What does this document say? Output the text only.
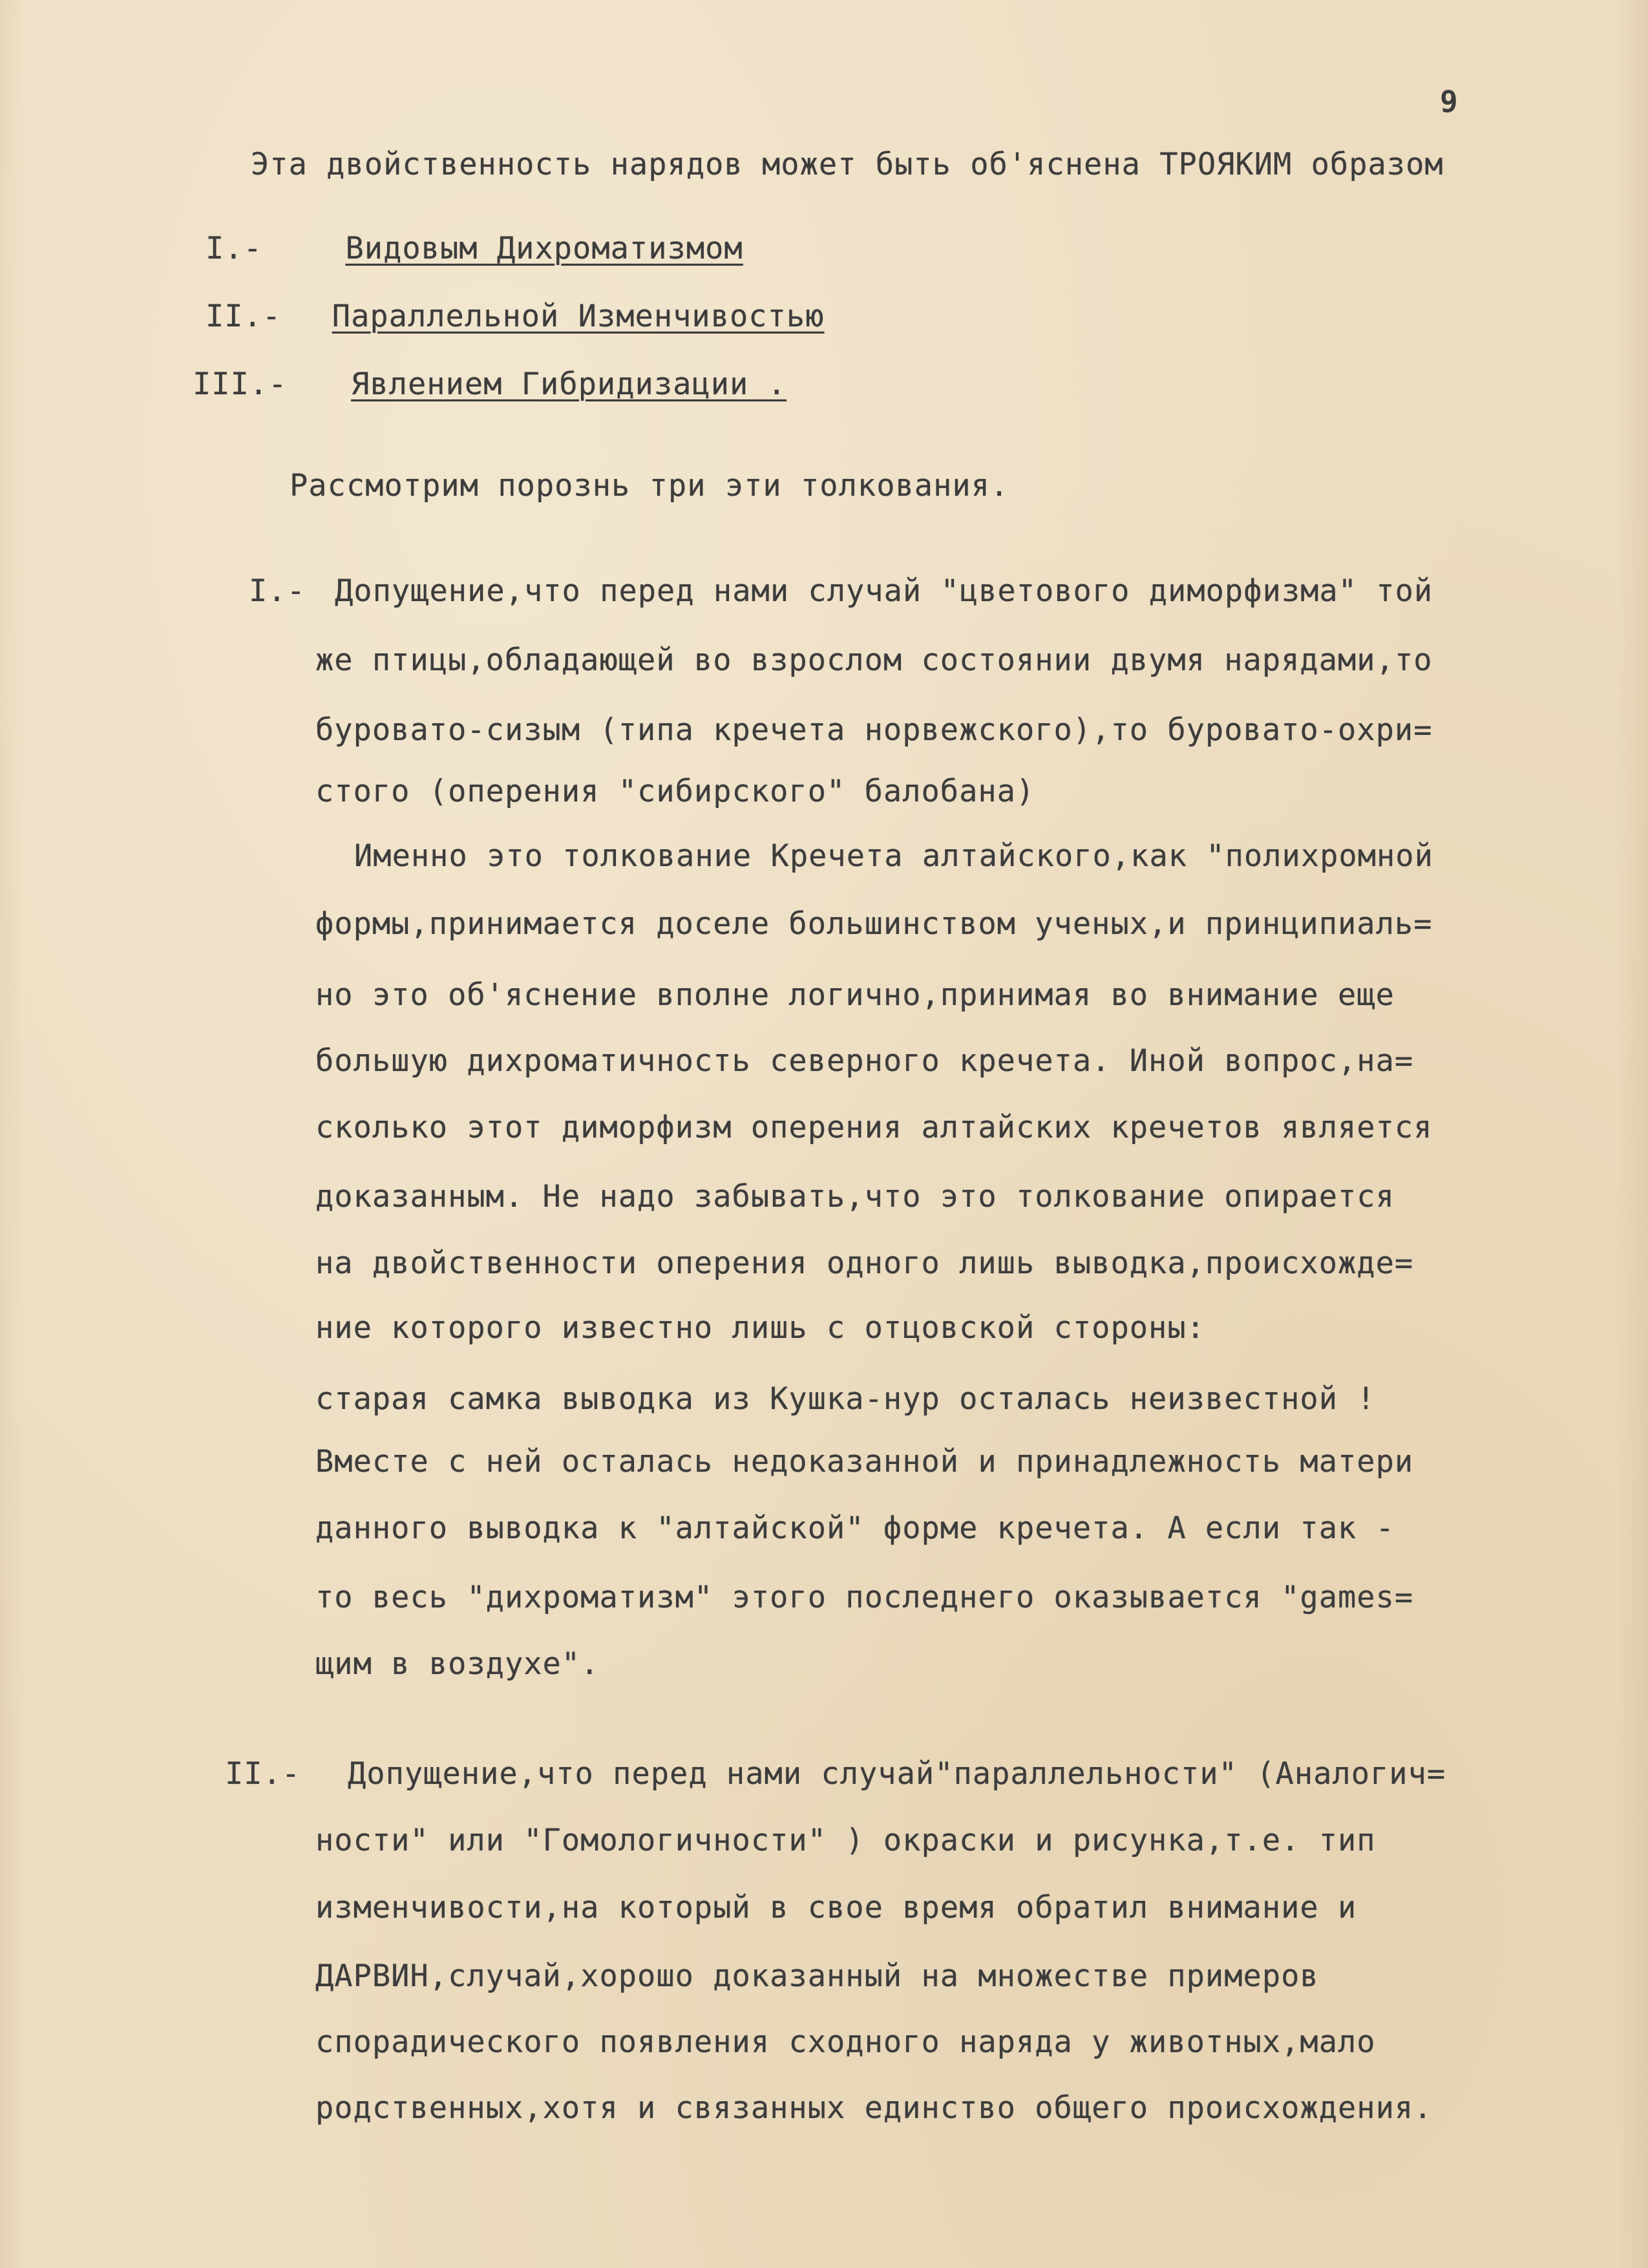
9
Эта двойственность нарядов может быть об'яснена ТРОЯКИМ образом
I.-	Видовым Дихроматизмом
II.- Параллельной Изменчивостью
III.- Явлением Гибридизации .
Рассмотрим порознь три эти толкования.
I.- Допущение,что перед нами случай "цветового диморфизма" той
же птицы,обладающей во взрослом состоянии двумя нарядами,то
буровато-сизым (типа кречета норвежского),то буровато-охри=
стого (оперения "сибирского" балобана)
Именно это толкование Кречета алтайского,как "полихромной
формы,принимается доселе большинством ученых,и принципиаль=
но это об'яснение вполне логично,принимая во внимание еще
большую дихроматичность северного кречета. Иной вопрос,на=
сколько этот диморфизм оперения алтайских кречетов является
доказанным. Не надо забывать,что это толкование опирается
на двойственности оперения одного лишь выводка,происхожде=
ние которого известно лишь с отцовской стороны:
старая самка выводка из Кушка-нур осталась неизвестной !
Вместе с ней осталась недоказанной и принадлежность матери
данного выводка к "алтайской" форме кречета. А если так -
то весь "дихроматизм" этого последнего оказывается "games=
щим в воздухе".
II.- Допущение,что перед нами случай"параллельности" (Аналогич=
ности" или "Гомологичности" ) окраски и рисунка,т.е. тип
изменчивости,на который в свое время обратил внимание и
ДАРВИН,случай,хорошо доказанный на множестве примеров
спорадического появления сходного наряда у животных,мало
родственных,хотя и связанных единство общего происхождения.
